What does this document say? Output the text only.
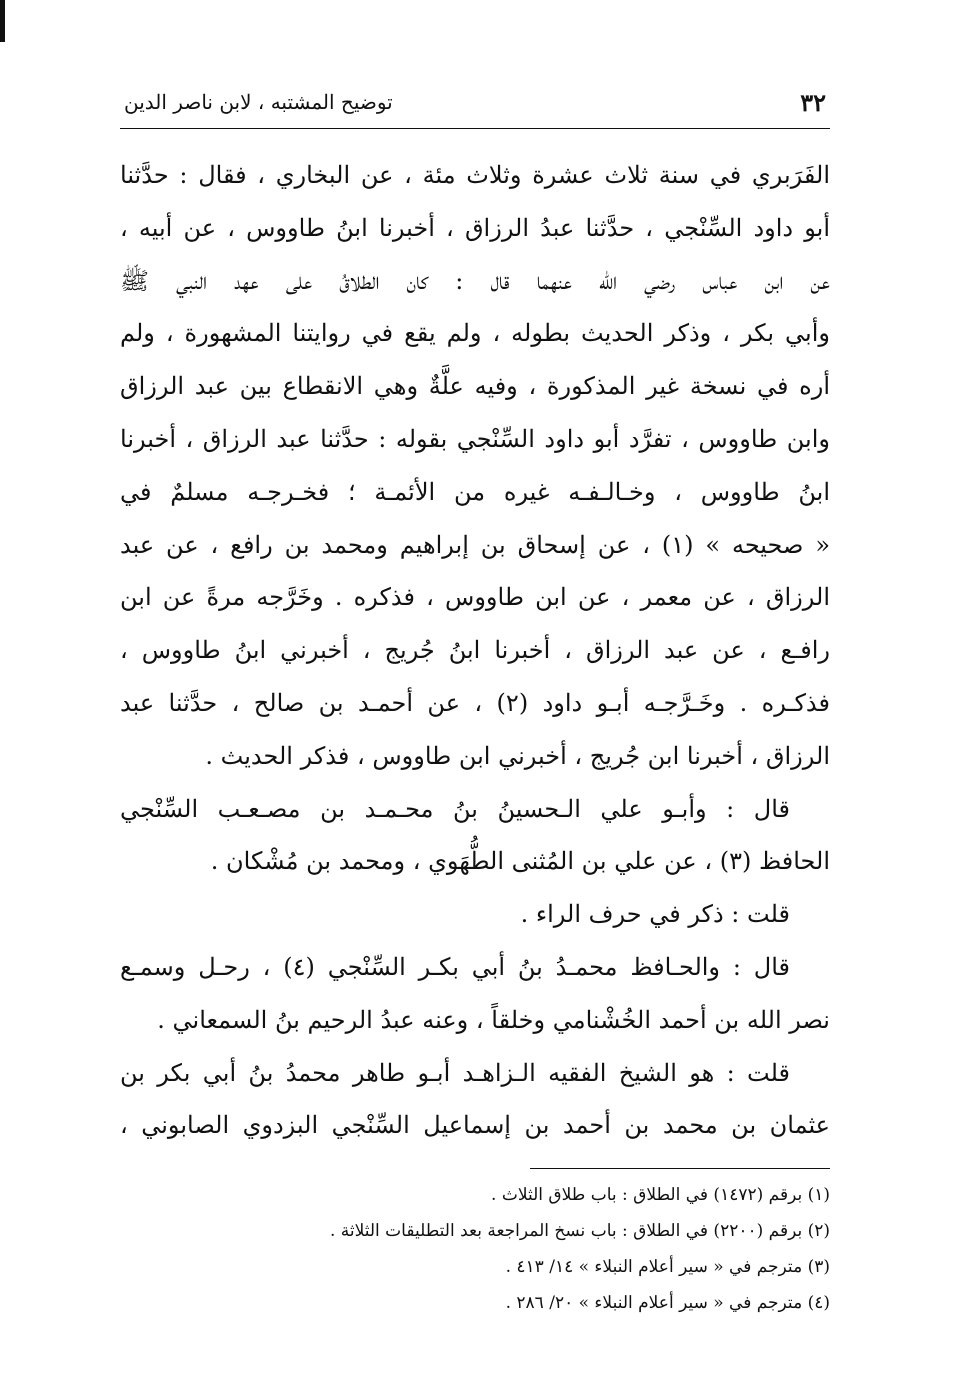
٣٢
توضيح المشتبه ، لابن ناصر الدين
الفَرَبري في سنة ثلاث عشرة وثلاث مئة ، عن البخاري ، فقال : حدَّثنا
أبو داود السِّنْجي ، حدَّثنا عبدُ الرزاق ، أخبرنا ابنُ طاووس ، عن أبيه ،
عن ابن عباس رضي الله عنهما قال : كان الطلاقُ على عهد النبي ﷺ
وأبي بكر ، وذكر الحديث بطوله ، ولم يقع في روايتنا المشهورة ، ولم
أره في نسخة غير المذكورة ، وفيه علَّةٌ وهي الانقطاع بين عبد الرزاق
وابن طاووس ، تفرَّد أبو داود السِّنْجي بقوله : حدَّثنا عبد الرزاق ، أخبرنا
ابنُ طاووس ، وخـالـفـه غيره من الأئمـة ؛ فخـرجـه مسلمٌ في
« صحيحه » (١) ، عن إسحاق بن إبراهيم ومحمد بن رافع ، عن عبد
الرزاق ، عن معمر ، عن ابن طاووس ، فذكره . وخَرَّجه مرةً عن ابن
رافـع ، عن عبد الرزاق ، أخبرنا ابنُ جُريج ، أخبرني ابنُ طاووس ،
فذكـره . وخَـرَّجـه أبـو داود (٢) ، عن أحمـد بن صالح ، حدَّثنا عبد
الرزاق ، أخبرنا ابن جُريج ، أخبرني ابن طاووس ، فذكر الحديث .
قال : وأبـو علي الـحسينُ بنُ محـمـد بن مصـعـب السِّنْجي
الحافظ (٣) ، عن علي بن المُثنى الطُّهَوي ، ومحمد بن مُشْكان .
قلت : ذكر في حرف الراء .
قال : والحـافظ محمـدُ بنُ أبي بكـر السِّنْجي (٤) ، رحـل وسمـع
نصر الله بن أحمد الخُشْنامي وخلقاً ، وعنه عبدُ الرحيم بنُ السمعاني .
قلت : هو الشيخ الفقيه الـزاهـد أبـو طاهر محمدُ بنُ أبي بكر بن
عثمان بن محمد بن أحمد بن إسماعيل السِّنْجي البزدوي الصابوني ،
(١) برقم (١٤٧٢) في الطلاق : باب طلاق الثلاث .
(٢) برقم (٢٢٠٠) في الطلاق : باب نسخ المراجعة بعد التطليقات الثلاثة .
(٣) مترجم في « سير أعلام النبلاء » ١٤/ ٤١٣ .
(٤) مترجم في « سير أعلام النبلاء » ٢٠/ ٢٨٦ .
